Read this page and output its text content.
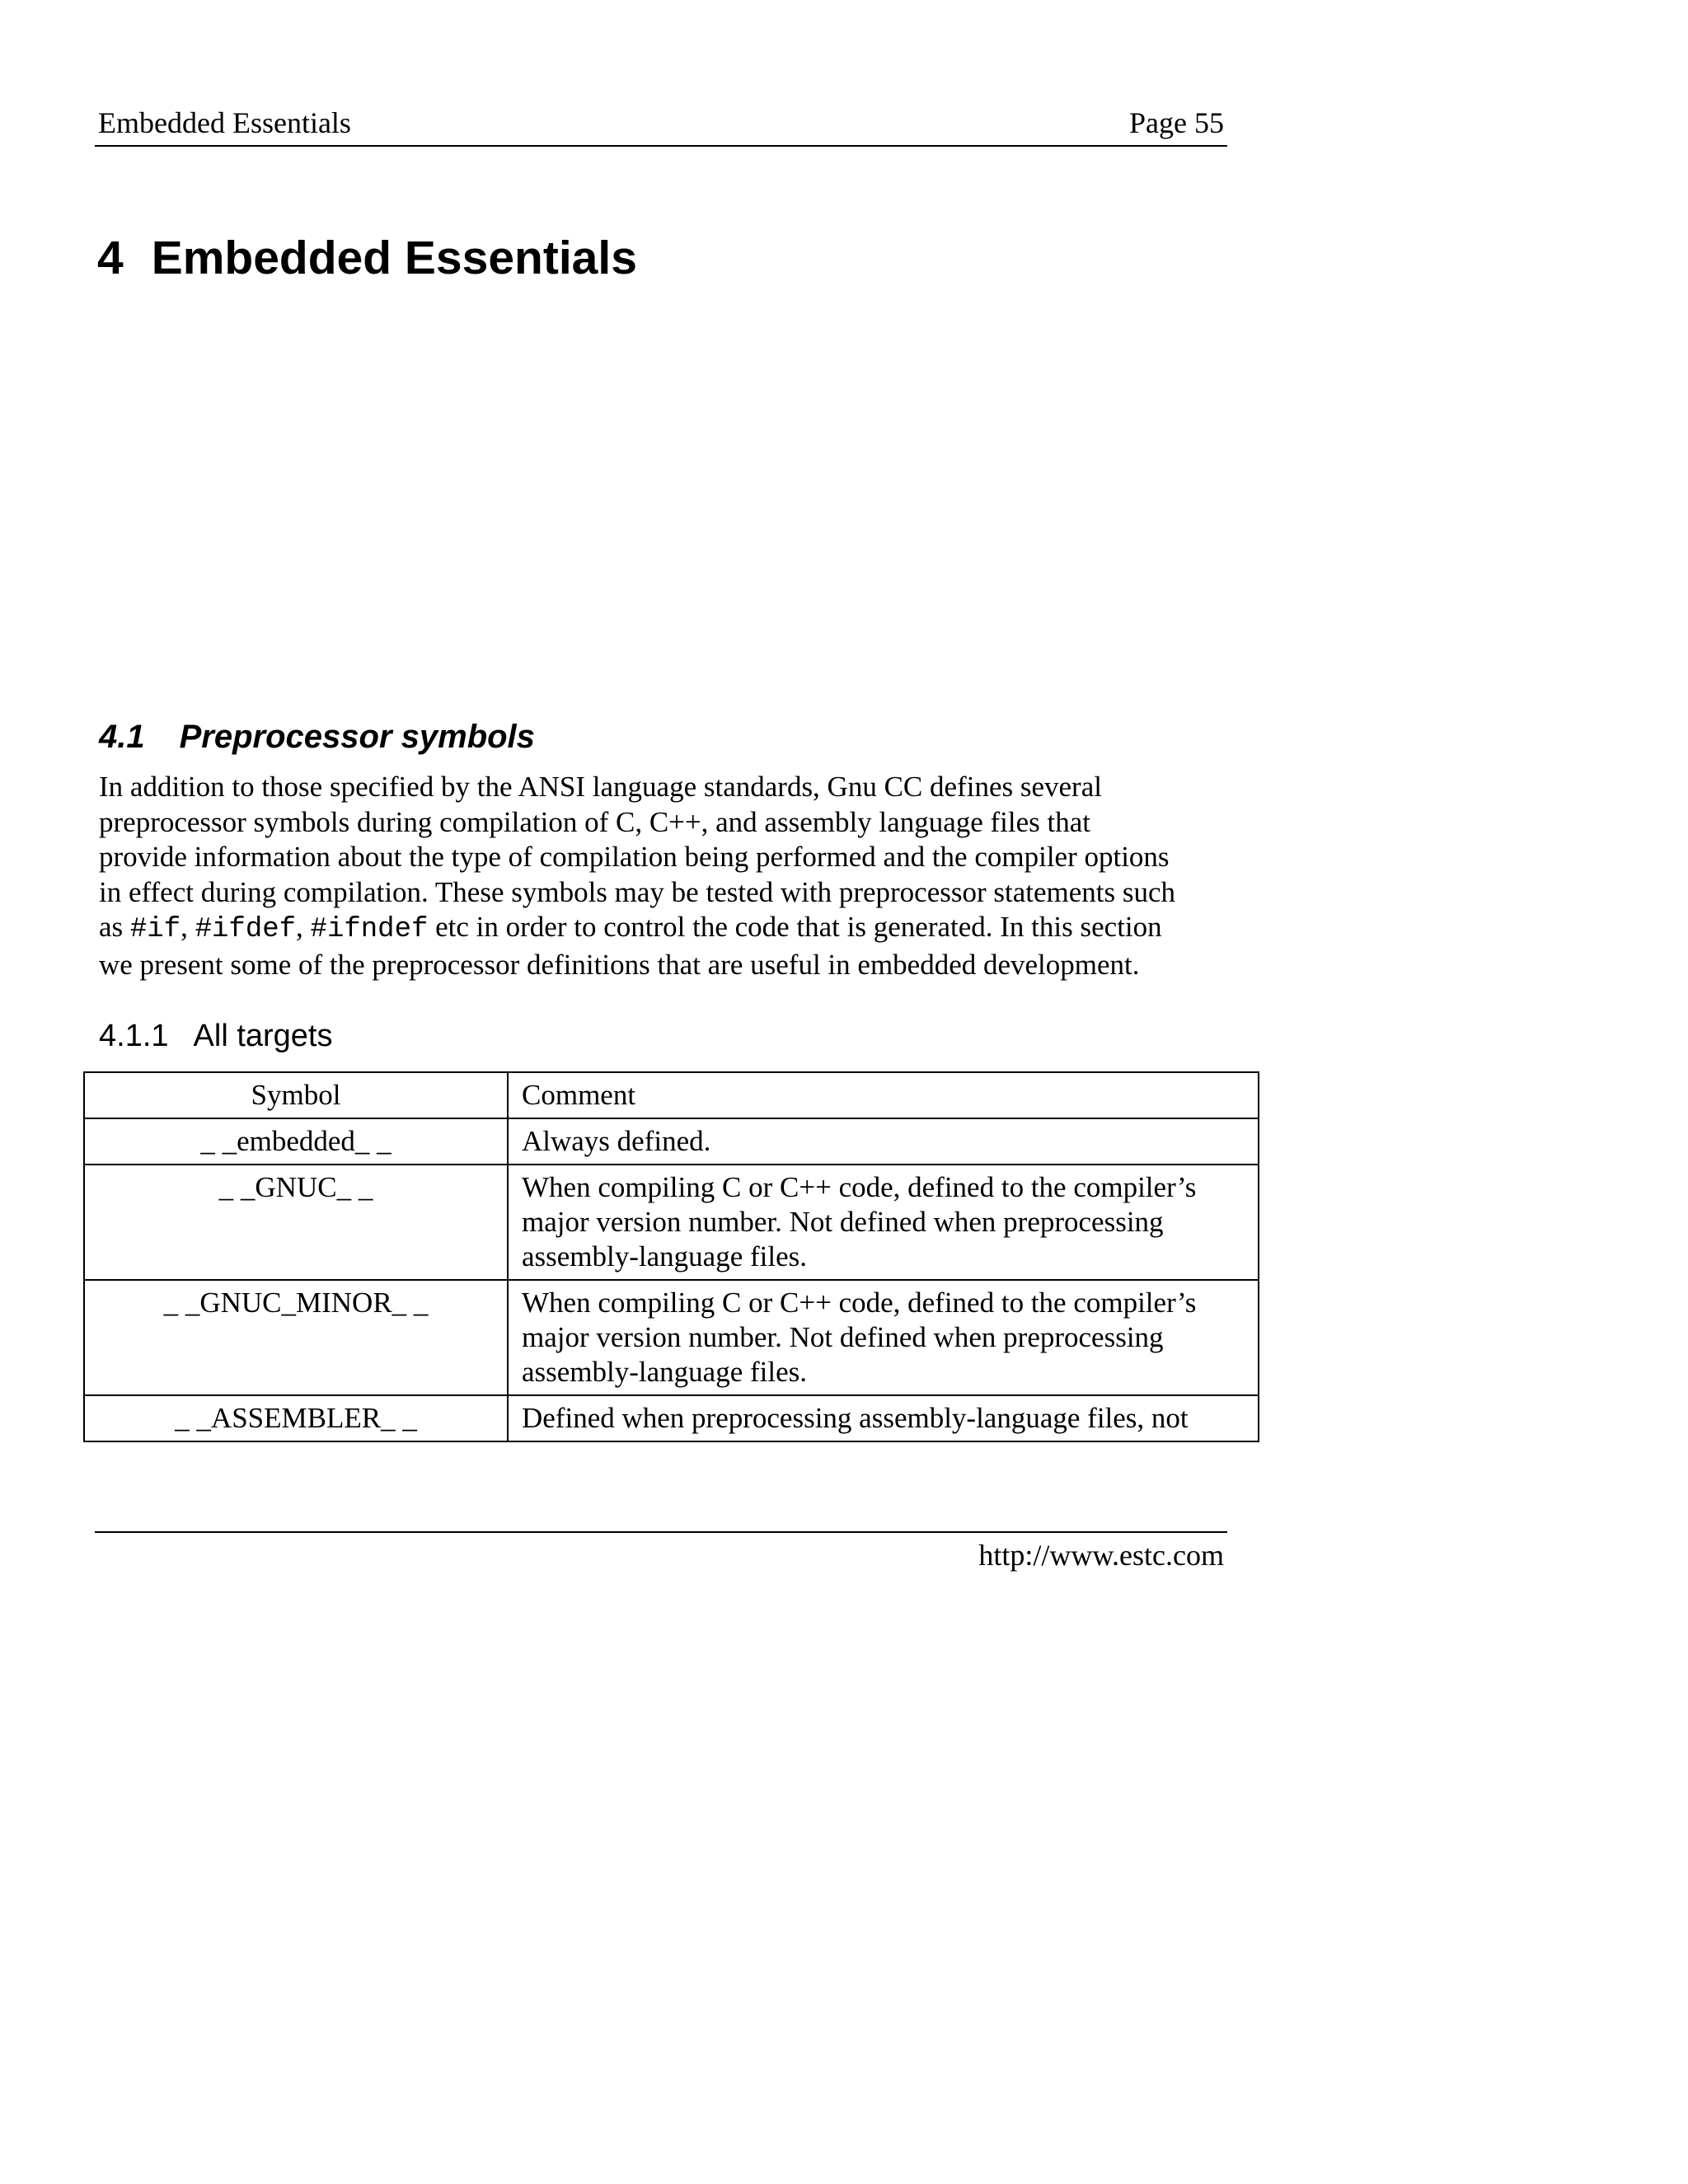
Embedded Essentials	Page 55
4 Embedded Essentials
4.1 Preprocessor symbols

In addition to those specified by the ANSI language standards, Gnu CC defines several
preprocessor symbols during compilation of C, C++, and assembly language files that
provide information about the type of compilation being performed and the compiler options
in effect during compilation. These symbols may be tested with preprocessor statements such
as #if, #ifdef, #ifndef etc in order to control the code that is generated. In this section
we present some of the preprocessor definitions that are useful in embedded development.

4.1.1 All targets
Symbol	Comment
_ _embedded_ _	Always defined.

_ _GNUC_ _	When compiling C or C++ code, defined to the compiler’s
major version number. Not defined when preprocessing
assembly-language files.

_ _GNUC_MINOR_ _	When compiling C or C++ code, defined to the compiler’s
major version number. Not defined when preprocessing
assembly-language files.

_ _ASSEMBLER_ _	Defined when preprocessing assembly-language files, not
http://www.estc.com
